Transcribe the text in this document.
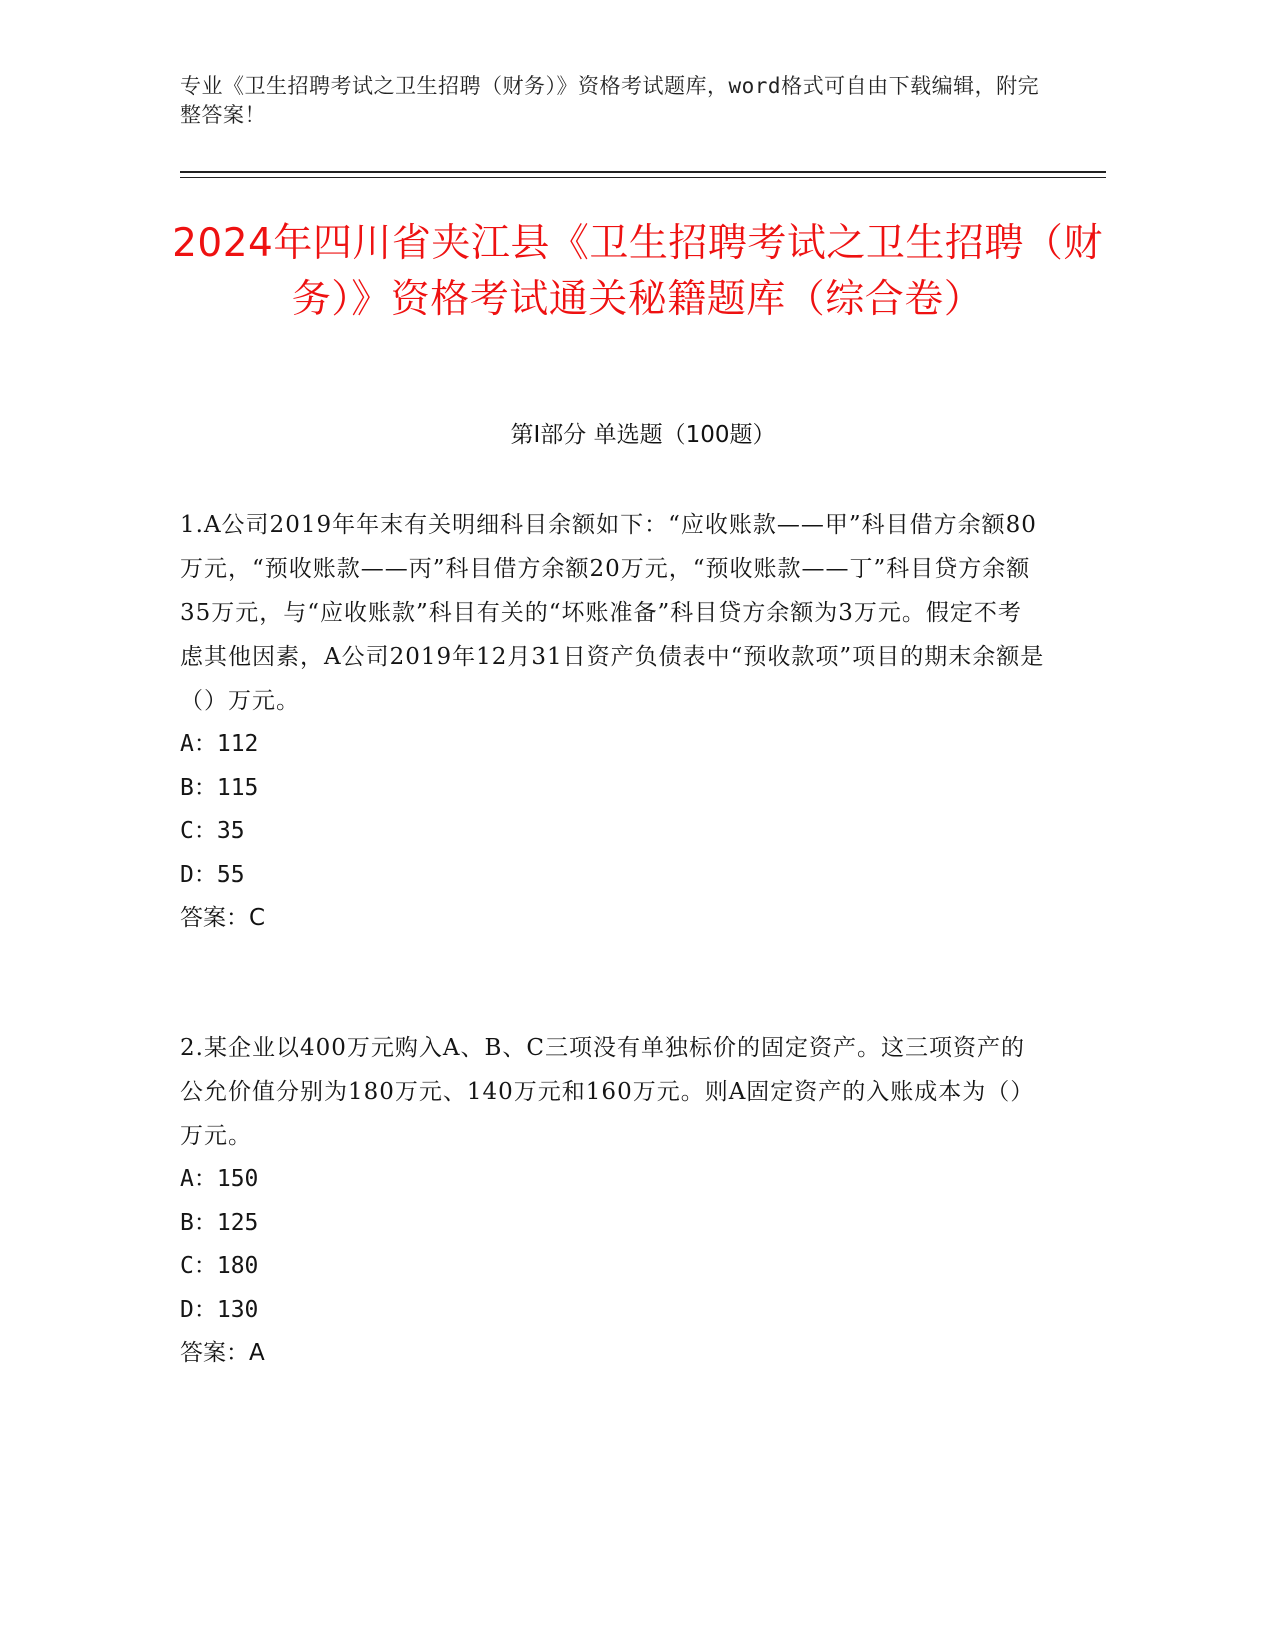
专业《卫生招聘考试之卫生招聘（财务）》资格考试题库，word格式可自由下载编辑，附完整答案！
2024年四川省夹江县《卫生招聘考试之卫生招聘（财务）》资格考试通关秘籍题库（综合卷）
第Ⅰ部分 单选题（100题）
1.A公司2019年年末有关明细科目余额如下：“应收账款——甲”科目借方余额80万元，“预收账款——丙”科目借方余额20万元，“预收账款——丁”科目贷方余额35万元，与“应收账款”科目有关的“坏账准备”科目贷方余额为3万元。假定不考虑其他因素，A公司2019年12月31日资产负债表中“预收款项”项目的期末余额是（）万元。
A：112
B：115
C：35
D：55
答案：C
2.某企业以400万元购入A、B、C三项没有单独标价的固定资产。这三项资产的公允价值分别为180万元、140万元和160万元。则A固定资产的入账成本为（）万元。
A：150
B：125
C：180
D：130
答案：A
